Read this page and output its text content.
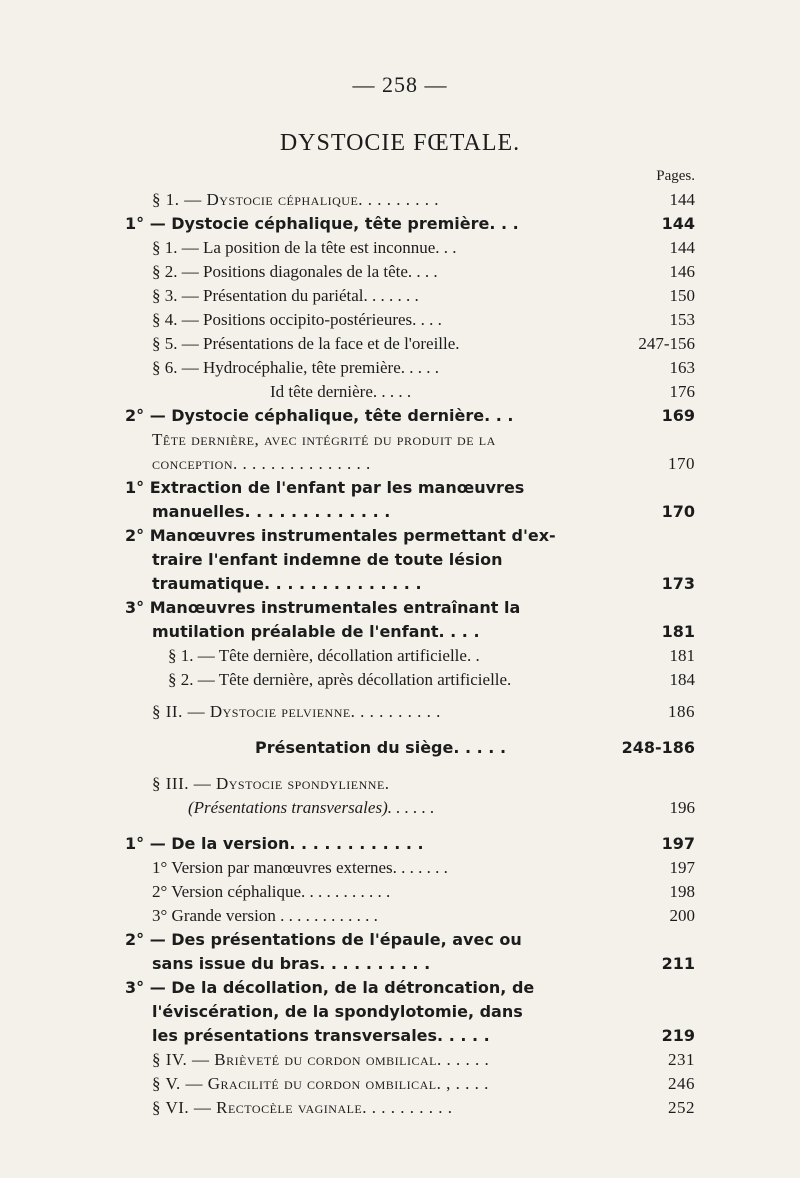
— 258 —
DYSTOCIE FŒTALE.
Pages.
§ 1. — Dystocie céphalique. . . . . . . . .	144
1° — Dystocie céphalique, tête première. . .	144
§ 1. — La position de la tête est inconnue. . .	144
§ 2. — Positions diagonales de la tête. . . .	146
§ 3. — Présentation du pariétal. . . . . . .	150
§ 4. — Positions occipito-postérieures. . . .	153
§ 5. — Présentations de la face et de l'oreille.	247-156
§ 6. — Hydrocéphalie, tête première. . . . .	163
Id tête dernière. . . . .	176
2° — Dystocie céphalique, tête dernière. . .	169
Tête dernière, avec intégrité du produit de la
conception. . . . . . . . . . . . . . .	170
1° Extraction de l'enfant par les manœuvres
manuelles. . . . . . . . . . . . .	170
2° Manœuvres instrumentales permettant d'ex-
traire l'enfant indemne de toute lésion
traumatique. . . . . . . . . . . . . .	173
3° Manœuvres instrumentales entraînant la
mutilation préalable de l'enfant. . . .	181
§ 1. — Tête dernière, décollation artificielle. .	181
§ 2. — Tête dernière, après décollation artificielle.	184
§ II. — Dystocie pelvienne. . . . . . . . . .	186
Présentation du siège. . . . .	248-186
§ III. — Dystocie spondylienne.
(Présentations transversales). . . . . .	196
1° — De la version. . . . . . . . . . . .	197
1° Version par manœuvres externes. . . . . . .	197
2° Version céphalique. . . . . . . . . . .	198
3° Grande version . . . . . . . . . . . .	200
2° — Des présentations de l'épaule, avec ou
sans issue du bras. . . . . . . . . .	211
3° — De la décollation, de la détroncation, de
l'éviscération, de la spondylotomie, dans
les présentations transversales. . . . .	219
§ IV. — Brièveté du cordon ombilical. . . . . .	231
§ V. — Gracilité du cordon ombilical. , . . . .	246
§ VI. — Rectocèle vaginale. . . . . . . . . .	252
